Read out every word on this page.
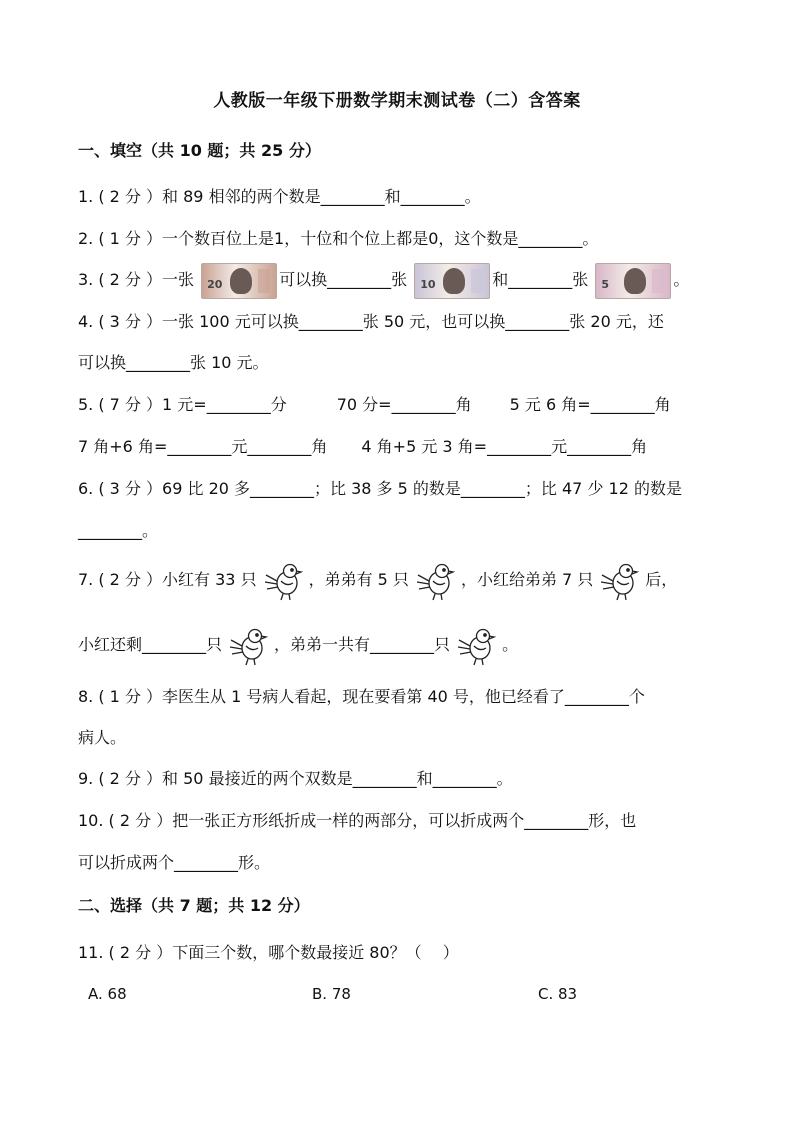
人教版一年级下册数学期末测试卷（二）含答案
一、填空（共 10 题；共 25 分）
1. ( 2 分 ）和 89 相邻的两个数是________和________。
2. ( 1 分 ）一个数百位上是1，十位和个位上都是0，这个数是________。
3. ( 2 分 ）一张 20	可以换________张 10	和________张 5	。
4. ( 3 分 ）一张 100 元可以换________张 50 元，也可以换________张 20 元，还
可以换________张 10 元。
5. ( 7 分 ）1 元=________分	70 分=________角 5 元 6 角=________角
7 角+6 角=________元________角 4 角+5 元 3 角=________元________角
6. ( 3 分 ）69 比 20 多________；比 38 多 5 的数是________；比 47 少 12 的数是
________。
7. ( 2 分 ）小红有 33 只	，弟弟有 5 只	，小红给弟弟 7 只	后，
小红还剩________只	，弟弟一共有________只	。
8. ( 1 分 ）李医生从 1 号病人看起，现在要看第 40 号，他已经看了________个
病人。
9. ( 2 分 ）和 50 最接近的两个双数是________和________。
10. ( 2 分 ）把一张正方形纸折成一样的两部分，可以折成两个________形，也
可以折成两个________形。
二、选择（共 7 题；共 12 分）
11. ( 2 分 ）下面三个数，哪个数最接近 80？（　 ）
A. 68	B. 78	C. 83
